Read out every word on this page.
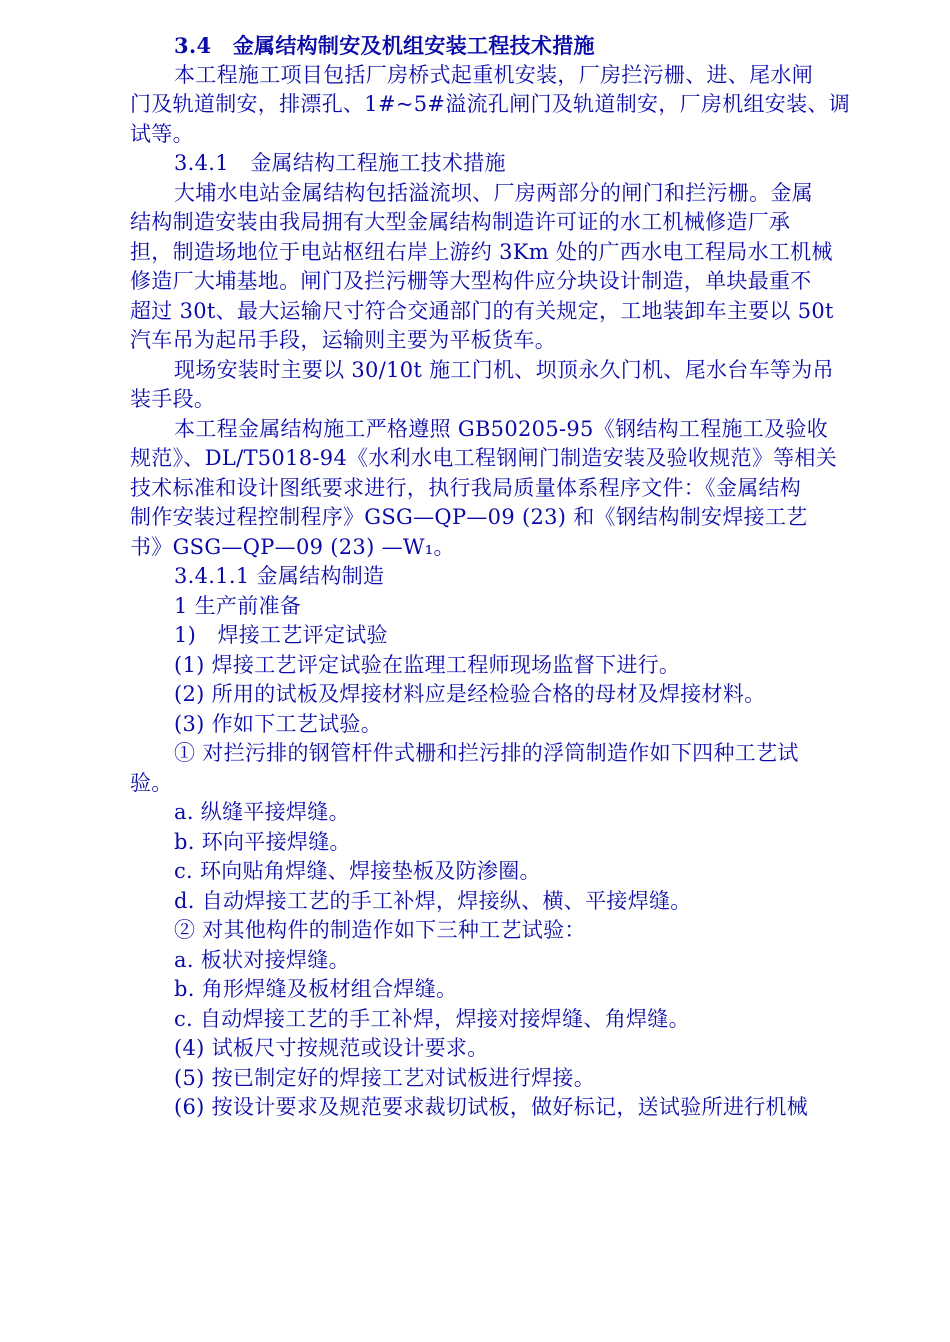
3.4　金属结构制安及机组安装工程技术措施
本工程施工项目包括厂房桥式起重机安装，厂房拦污栅、进、尾水闸
门及轨道制安，排漂孔、1#~5#溢流孔闸门及轨道制安，厂房机组安装、调
试等。
3.4.1　金属结构工程施工技术措施
大埔水电站金属结构包括溢流坝、厂房两部分的闸门和拦污栅。金属
结构制造安装由我局拥有大型金属结构制造许可证的水工机械修造厂承
担，制造场地位于电站枢纽右岸上游约 3Km 处的广西水电工程局水工机械
修造厂大埔基地。闸门及拦污栅等大型构件应分块设计制造，单块最重不
超过 30t、最大运输尺寸符合交通部门的有关规定，工地装卸车主要以 50t
汽车吊为起吊手段，运输则主要为平板货车。
现场安装时主要以 30/10t 施工门机、坝顶永久门机、尾水台车等为吊
装手段。
本工程金属结构施工严格遵照 GB50205-95《钢结构工程施工及验收
规范》、DL/T5018-94《水利水电工程钢闸门制造安装及验收规范》等相关
技术标准和设计图纸要求进行，执行我局质量体系程序文件：《金属结构
制作安装过程控制程序》GSG—QP—09 (23) 和《钢结构制安焊接工艺
书》GSG—QP—09 (23) —W₁。
3.4.1.1 金属结构制造
1 生产前准备
1)　焊接工艺评定试验
(1) 焊接工艺评定试验在监理工程师现场监督下进行。
(2) 所用的试板及焊接材料应是经检验合格的母材及焊接材料。
(3) 作如下工艺试验。
① 对拦污排的钢管杆件式栅和拦污排的浮筒制造作如下四种工艺试
验。
a. 纵缝平接焊缝。
b. 环向平接焊缝。
c. 环向贴角焊缝、焊接垫板及防渗圈。
d. 自动焊接工艺的手工补焊，焊接纵、横、平接焊缝。
② 对其他构件的制造作如下三种工艺试验：
a. 板状对接焊缝。
b. 角形焊缝及板材组合焊缝。
c. 自动焊接工艺的手工补焊，焊接对接焊缝、角焊缝。
(4) 试板尺寸按规范或设计要求。
(5) 按已制定好的焊接工艺对试板进行焊接。
(6) 按设计要求及规范要求裁切试板，做好标记，送试验所进行机械
